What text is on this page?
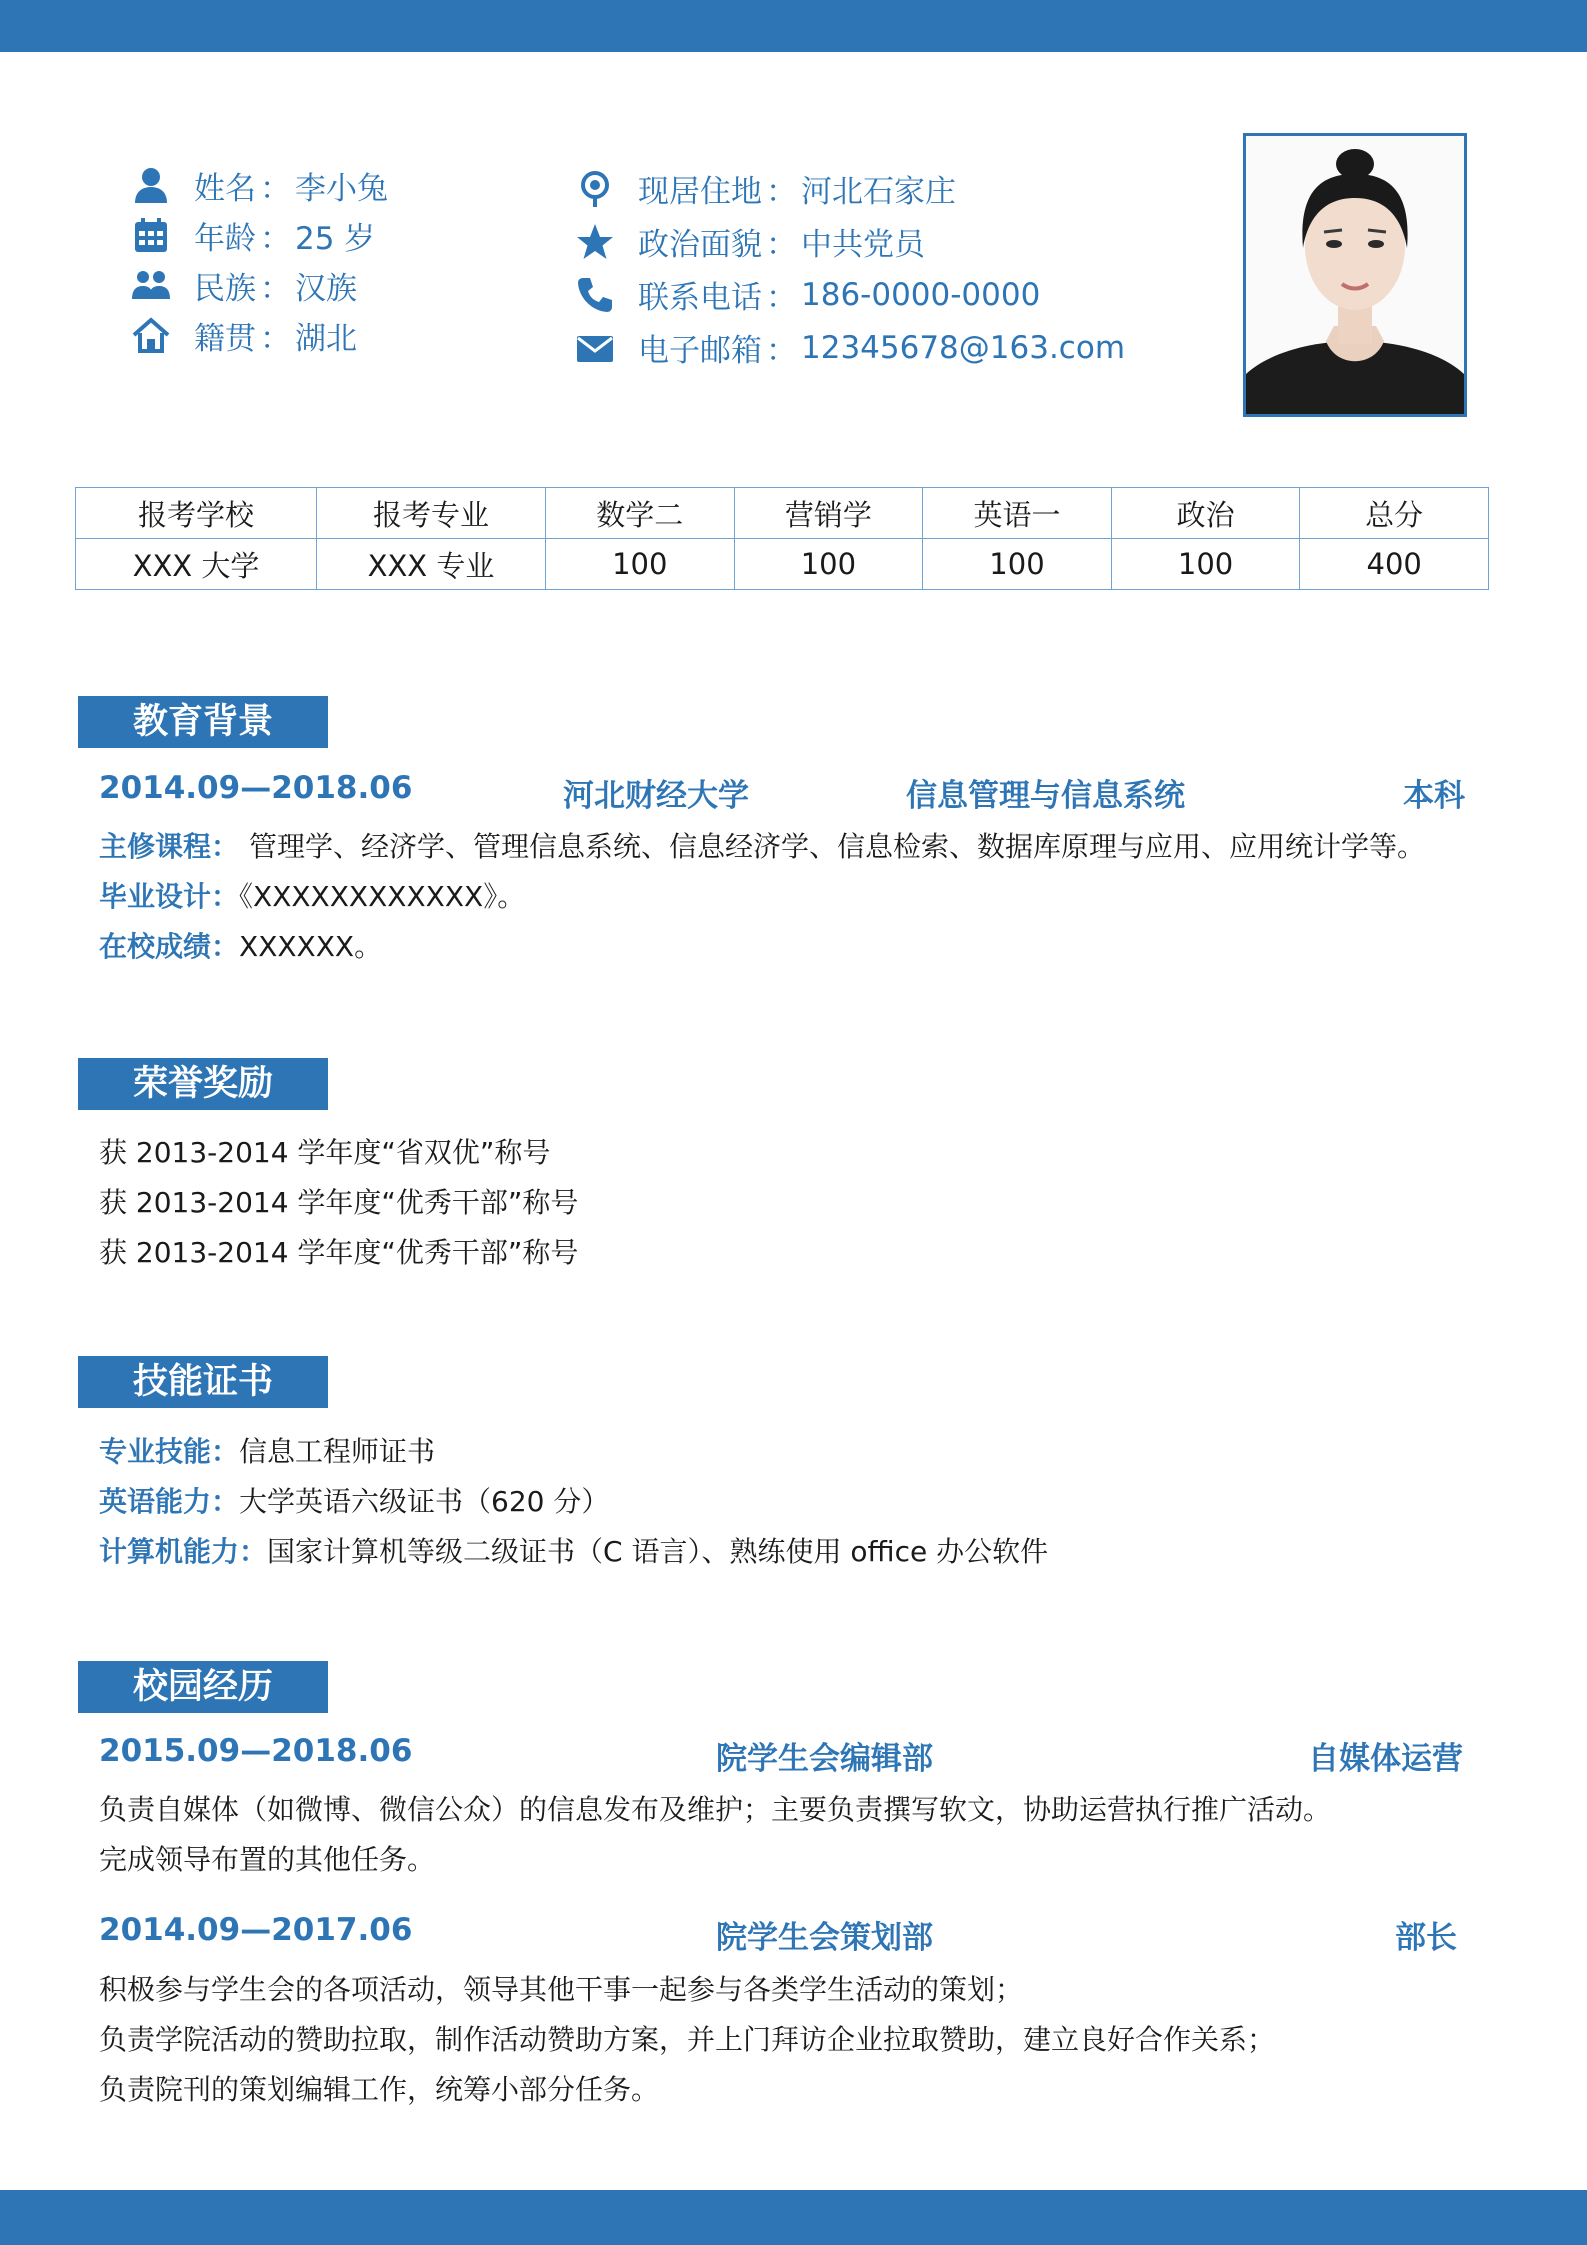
姓名 ： 李小兔
年龄 ： 25 岁
民族 ： 汉族
籍贯 ： 湖北
现居住地 ： 河北石家庄
政治面貌 ： 中共党员
联系电话 ： 186-0000-0000
电子邮箱 ： 12345678@163.com
报考学校	报考专业	数学二	营销学	英语一	政治	总分
XXX 大学	XXX 专业	100	100	100	100	400
教育背景
2014.09—2018.06	河北财经大学	信息管理与信息系统	本科
主修课程： 管理学、经济学、管理信息系统、信息经济学、信息检索、数据库原理与应用、应用统计学等。
毕业设计：《XXXXXXXXXXXX》。
在校成绩：XXXXXX。
荣誉奖励
获 2013-2014 学年度“省双优”称号
获 2013-2014 学年度“优秀干部”称号
获 2013-2014 学年度“优秀干部”称号
技能证书
专业技能：信息工程师证书
英语能力：大学英语六级证书（620 分）
计算机能力：国家计算机等级二级证书（C 语言）、熟练使用 office 办公软件
校园经历
2015.09—2018.06	院学生会编辑部	自媒体运营
负责自媒体（如微博、微信公众）的信息发布及维护；主要负责撰写软文，协助运营执行推广活动。
完成领导布置的其他任务。
2014.09—2017.06	院学生会策划部	部长
积极参与学生会的各项活动，领导其他干事一起参与各类学生活动的策划；
负责学院活动的赞助拉取，制作活动赞助方案，并上门拜访企业拉取赞助，建立良好合作关系；
负责院刊的策划编辑工作，统筹小部分任务。
